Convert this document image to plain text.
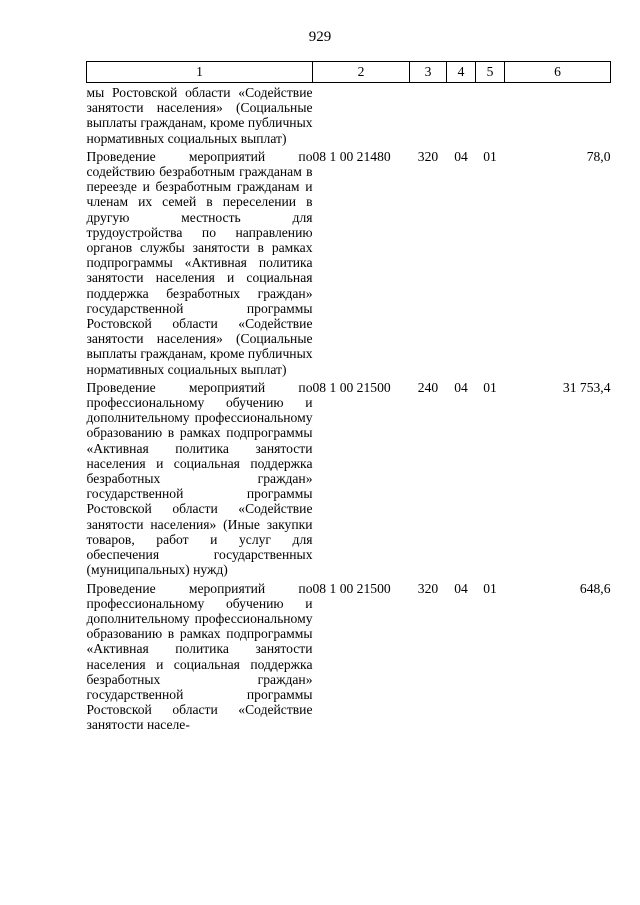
929
1	2	3	4	5	6
мы Ростовской области «Содействие занятости населения» (Социальные выплаты гражданам, кроме публичных нормативных социальных выплат)					
Проведение мероприятий по содействию безработным гражданам в переезде и безработным гражданам и членам их семей в переселении в другую местность для трудоустройства по направлению органов службы занятости в рамках подпрограммы «Активная политика занятости населения и социальная поддержка безработных граждан» государственной программы Ростовской области «Содействие занятости населения» (Социальные выплаты гражданам, кроме публичных нормативных социальных выплат)	08 1 00 21480	320	04	01	78,0
Проведение мероприятий по профессиональному обучению и дополнительному профессиональному образованию в рамках подпрограммы «Активная политика занятости населения и социальная поддержка безработных граждан» государственной программы Ростовской области «Содействие занятости населения» (Иные закупки товаров, работ и услуг для обеспечения государственных (муниципальных) нужд)	08 1 00 21500	240	04	01	31 753,4
Проведение мероприятий по профессиональному обучению и дополнительному профессиональному образованию в рамках подпрограммы «Активная политика занятости населения и социальная поддержка безработных граждан» государственной программы Ростовской области «Содействие занятости населе-	08 1 00 21500	320	04	01	648,6
